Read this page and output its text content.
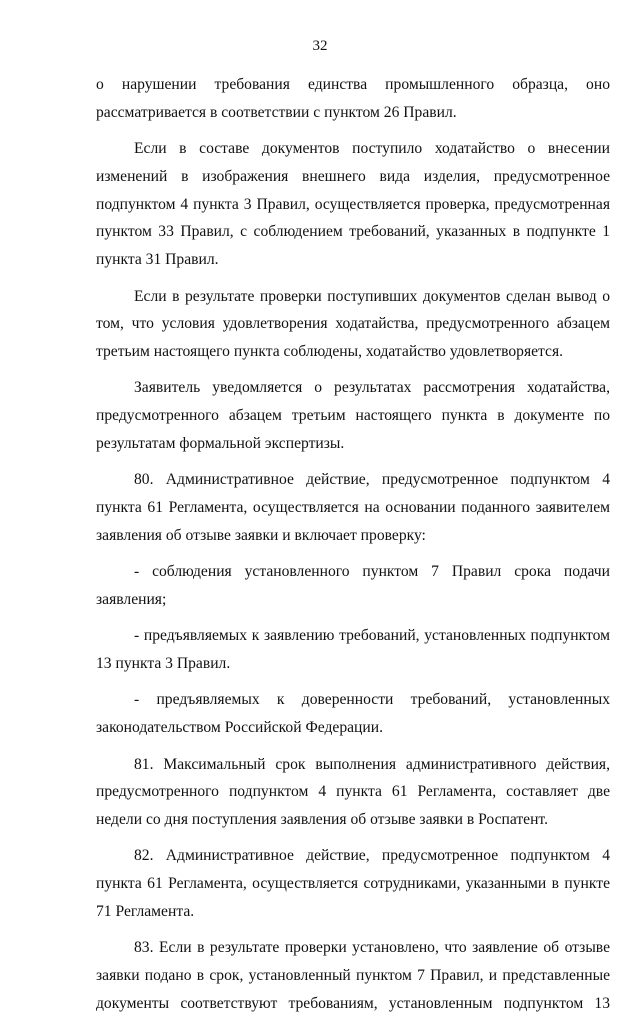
32

о нарушении требования единства промышленного образца, оно рассматривается в соответствии с пунктом 26 Правил.

Если в составе документов поступило ходатайство о внесении изменений в изображения внешнего вида изделия, предусмотренное подпунктом 4 пункта 3 Правил, осуществляется проверка, предусмотренная пунктом 33 Правил, с соблюдением требований, указанных в подпункте 1 пункта 31 Правил.

Если в результате проверки поступивших документов сделан вывод о том, что условия удовлетворения ходатайства, предусмотренного абзацем третьим настоящего пункта соблюдены, ходатайство удовлетворяется.

Заявитель уведомляется о результатах рассмотрения ходатайства, предусмотренного абзацем третьим настоящего пункта в документе по результатам формальной экспертизы.

80. Административное действие, предусмотренное подпунктом 4 пункта 61 Регламента, осуществляется на основании поданного заявителем заявления об отзыве заявки и включает проверку:

- соблюдения установленного пунктом 7 Правил срока подачи заявления;

- предъявляемых к заявлению требований, установленных подпунктом 13 пункта 3 Правил.

- предъявляемых к доверенности требований, установленных законодательством Российской Федерации.

81. Максимальный срок выполнения административного действия, предусмотренного подпунктом 4 пункта 61 Регламента, составляет две недели со дня поступления заявления об отзыве заявки в Роспатент.

82. Административное действие, предусмотренное подпунктом 4 пункта 61 Регламента, осуществляется сотрудниками, указанными в пункте 71 Регламента.

83. Если в результате проверки установлено, что заявление об отзыве заявки подано в срок, установленный пунктом 7 Правил, и представленные документы соответствуют требованиям, установленным подпунктом 13
